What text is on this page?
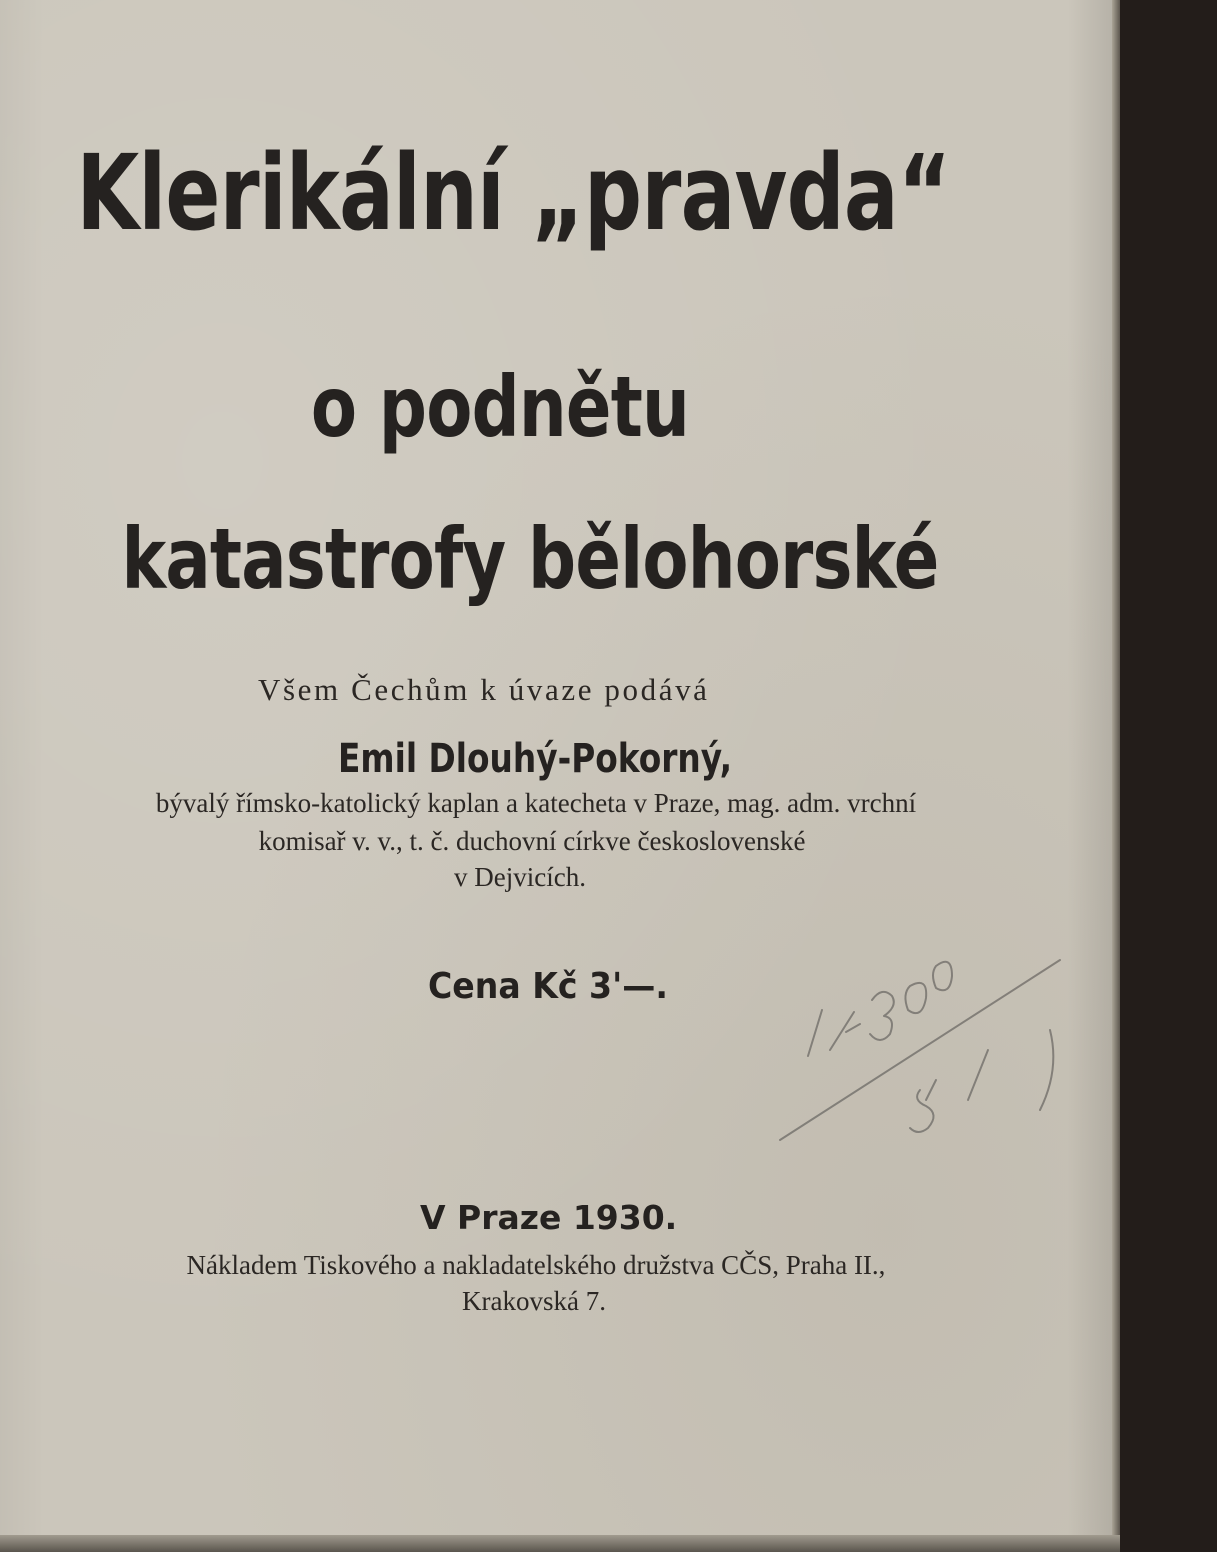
Klerikální „pravda“
o podnětu
katastrofy bělohorské
Všem Čechům k úvaze podává
Emil Dlouhý-Pokorný,
bývalý římsko-katolický kaplan a katecheta v Praze, mag. adm. vrchní
komisař v. v., t. č. duchovní církve československé
v Dejvicích.
Cena Kč 3'—.
V Praze 1930.
Nákladem Tiskového a nakladatelského družstva CČS, Praha II.,
Krakovská 7.
